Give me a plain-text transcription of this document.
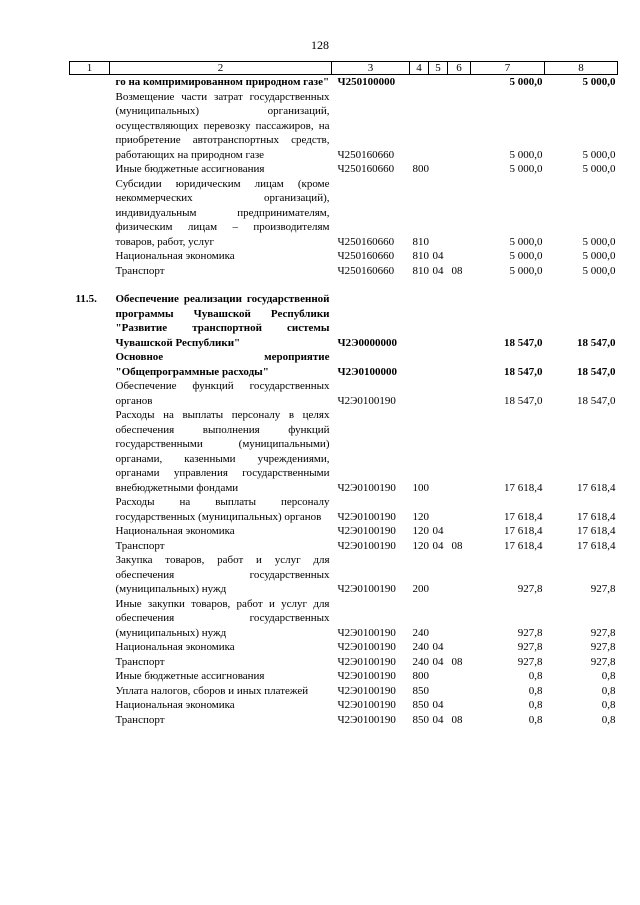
128
1	2	3	4	5	6	7	8
	го на компримированном природном газе"	Ч250100000				5 000,0	5 000,0
	Возмещение части затрат государственных (муниципальных) организаций, осуществляющих перевозку пассажиров, на приобретение автотранспортных средств, работающих на природном газе	Ч250160660				5 000,0	5 000,0
	Иные бюджетные ассигнования	Ч250160660	800			5 000,0	5 000,0
	Субсидии юридическим лицам (кроме некоммерческих организаций), индивидуальным предпринимателям, физическим лицам – производителям товаров, работ, услуг	Ч250160660	810			5 000,0	5 000,0
	Национальная экономика	Ч250160660	810	04		5 000,0	5 000,0
	Транспорт	Ч250160660	810	04	08	5 000,0	5 000,0

11.5.	Обеспечение реализации государственной программы Чувашской Республики "Развитие транспортной системы Чувашской Республики"	Ч2Э0000000				18 547,0	18 547,0
	Основное мероприятие "Общепрограммные расходы"	Ч2Э0100000				18 547,0	18 547,0
	Обеспечение функций государственных органов	Ч2Э0100190				18 547,0	18 547,0
	Расходы на выплаты персоналу в целях обеспечения выполнения функций государственными (муниципальными) органами, казенными учреждениями, органами управления государственными внебюджетными фондами	Ч2Э0100190	100			17 618,4	17 618,4
	Расходы на выплаты персоналу государственных (муниципальных) органов	Ч2Э0100190	120			17 618,4	17 618,4
	Национальная экономика	Ч2Э0100190	120	04		17 618,4	17 618,4
	Транспорт	Ч2Э0100190	120	04	08	17 618,4	17 618,4
	Закупка товаров, работ и услуг для обеспечения государственных (муниципальных) нужд	Ч2Э0100190	200			927,8	927,8
	Иные закупки товаров, работ и услуг для обеспечения государственных (муниципальных) нужд	Ч2Э0100190	240			927,8	927,8
	Национальная экономика	Ч2Э0100190	240	04		927,8	927,8
	Транспорт	Ч2Э0100190	240	04	08	927,8	927,8
	Иные бюджетные ассигнования	Ч2Э0100190	800			0,8	0,8
	Уплата налогов, сборов и иных платежей	Ч2Э0100190	850			0,8	0,8
	Национальная экономика	Ч2Э0100190	850	04		0,8	0,8
	Транспорт	Ч2Э0100190	850	04	08	0,8	0,8
